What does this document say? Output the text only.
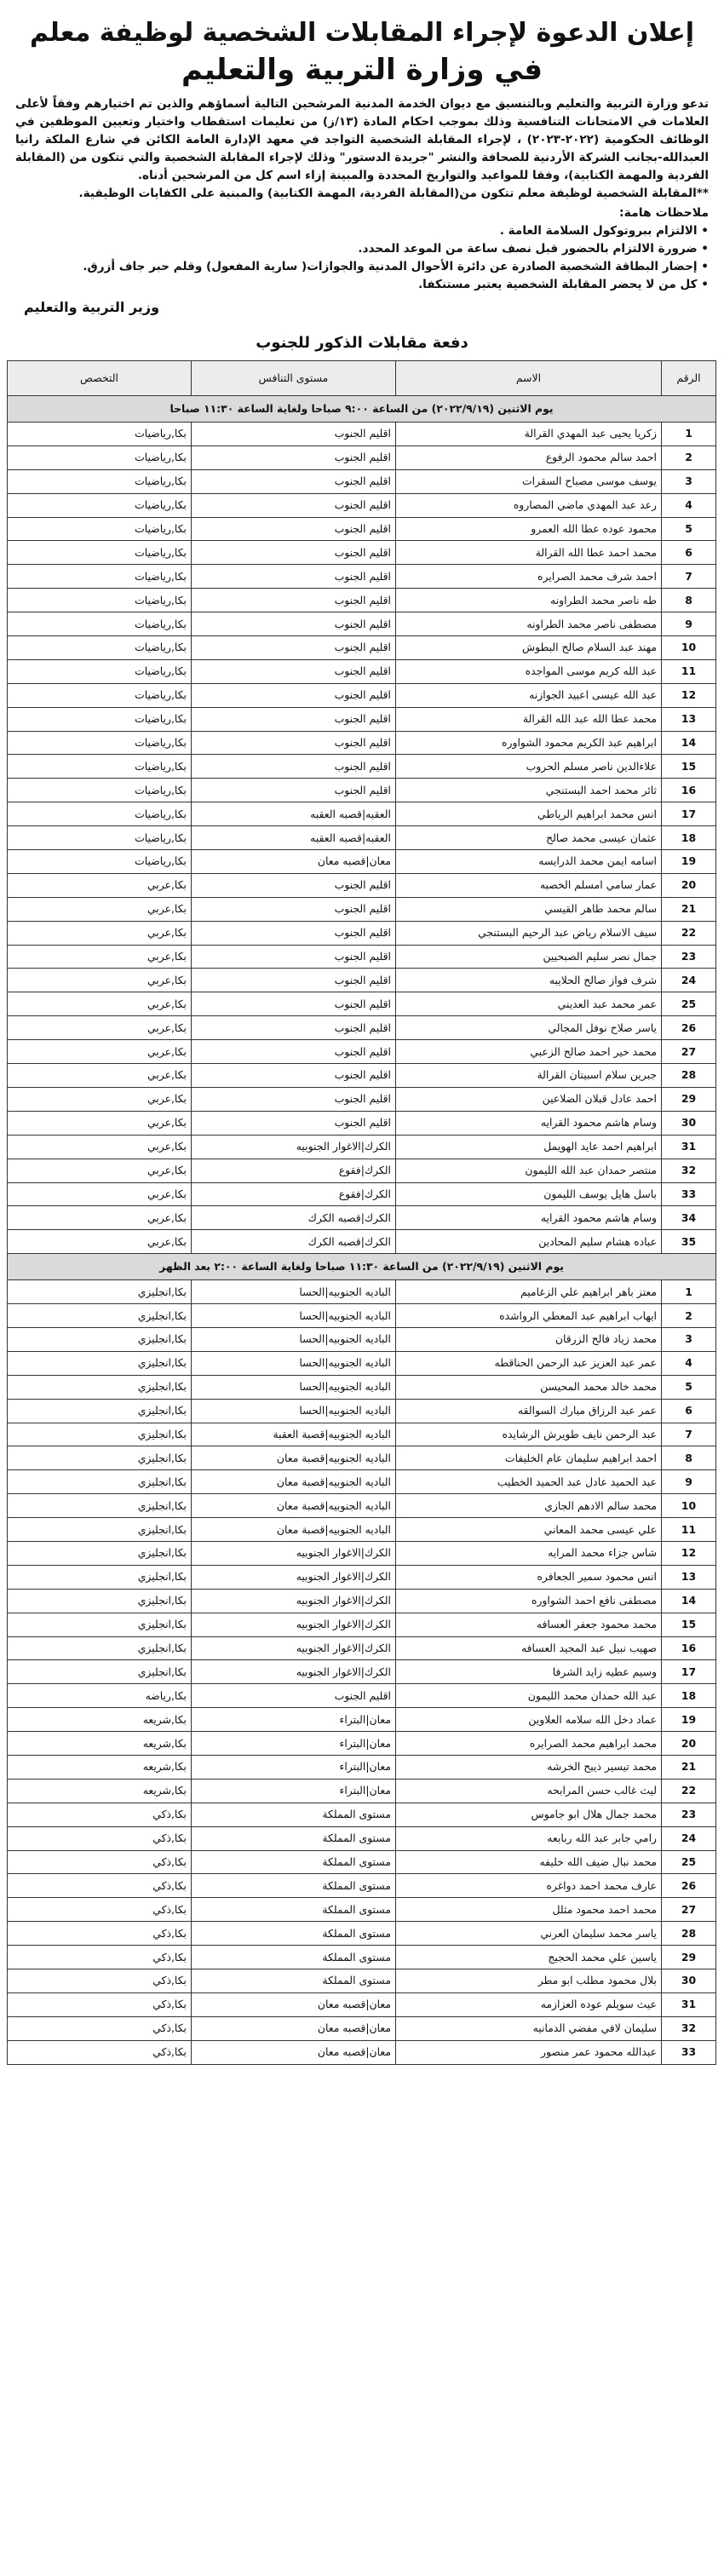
إعلان الدعوة لإجراء المقابلات الشخصية لوظيفة معلم
في وزارة التربية والتعليم

تدعو وزارة التربية والتعليم وبالتنسيق مع ديوان الخدمة المدنية المرشحين التالية أسماؤهم والذين تم اختيارهم وفقاً لأعلى العلامات في الامتحانات التنافسية وذلك بموجب احكام المادة (١٣/ز) من تعليمات استقطاب واختيار وتعيين الموظفين في الوظائف الحكومية (٢٠٢٢-٢٠٢٣) ، لإجراء المقابلة الشخصية التواجد في معهد الإدارة العامة الكائن في شارع الملكة رانيا العبدالله-بجانب الشركة الأردنية للصحافة والنشر "جريدة الدستور" وذلك لإجراء المقابلة الشخصية والتي تتكون من (المقابلة الفردية والمهمة الكتابية)، وفقا للمواعيد والتواريخ المحددة والمبينة إزاء اسم كل من المرشحين أدناه.

**المقابلة الشخصية لوظيفة معلم تتكون من(المقابلة الفردية، المهمة الكتابية) والمبنية على الكفايات الوظيفية.

ملاحظات هامة:

• الالتزام ببروتوكول السلامة العامة .

• ضرورة الالتزام بالحضور قبل نصف ساعة من الموعد المحدد.

• إحضار البطاقة الشخصية الصادرة عن دائرة الأحوال المدنية والجوازات( سارية المفعول) وقلم حبر جاف أزرق.

• كل من لا يحضر المقابلة الشخصية يعتبر مستنكفا.

وزير التربية والتعليم

دفعة مقابلات الذكور للجنوب
الرقم	الاسم	مستوى التنافس	التخصص
يوم الاثنين (٢٠٢٢/٩/١٩) من الساعة ٩:٠٠ صباحا ولغاية الساعة ١١:٣٠ صباحا			
1	زكريا يحيى عبد المهدي القرالة	اقليم الجنوب	بكا,رياضيات
2	احمد سالم محمود الرفوع	اقليم الجنوب	بكا,رياضيات
3	يوسف موسى مصباح السقرات	اقليم الجنوب	بكا,رياضيات
4	رعد عبد المهدي ماضي المصاروه	اقليم الجنوب	بكا,رياضيات
5	محمود عوده عطا الله العمرو	اقليم الجنوب	بكا,رياضيات
6	محمد احمد عطا الله القرالة	اقليم الجنوب	بكا,رياضيات
7	احمد شرف محمد الصرايره	اقليم الجنوب	بكا,رياضيات
8	طه ناصر محمد الطراونه	اقليم الجنوب	بكا,رياضيات
9	مصطفى ناصر محمد الطراونه	اقليم الجنوب	بكا,رياضيات
10	مهند عبد السلام صالح البطوش	اقليم الجنوب	بكا,رياضيات
11	عبد الله كريم موسى المواجده	اقليم الجنوب	بكا,رياضيات
12	عبد الله عيسى اعبيد الجوازنه	اقليم الجنوب	بكا,رياضيات
13	محمد عطا الله عبد الله القرالة	اقليم الجنوب	بكا,رياضيات
14	ابراهيم عبد الكريم محمود الشواوره	اقليم الجنوب	بكا,رياضيات
15	علاءالدين ناصر مسلم الحروب	اقليم الجنوب	بكا,رياضيات
16	ثائر محمد احمد البستنجي	اقليم الجنوب	بكا,رياضيات
17	انس محمد ابراهيم الرياطي	العقبه|قصبه العقبه	بكا,رياضيات
18	عثمان عيسى محمد صالح	العقبه|قصبه العقبه	بكا,رياضيات
19	اسامه ايمن محمد الدرايسه	معان|قصبه معان	بكا,رياضيات
20	عمار سامي امسلم الخصبه	اقليم الجنوب	بكا,عربي
21	سالم محمد طاهر القيسي	اقليم الجنوب	بكا,عربي
22	سيف الاسلام رياض عبد الرحيم البستنجي	اقليم الجنوب	بكا,عربي
23	جمال نصر سليم الصبحيين	اقليم الجنوب	بكا,عربي
24	شرف فواز صالح الحلايبه	اقليم الجنوب	بكا,عربي
25	عمر محمد عبد العديني	اقليم الجنوب	بكا,عربي
26	ياسر صلاح نوفل المجالي	اقليم الجنوب	بكا,عربي
27	محمد خير احمد صالح الزعبي	اقليم الجنوب	بكا,عربي
28	جبرين سلام اسبيتان القرالة	اقليم الجنوب	بكا,عربي
29	احمد عادل قبلان الضلاعين	اقليم الجنوب	بكا,عربي
30	وسام هاشم محمود القرايه	اقليم الجنوب	بكا,عربي
31	ابراهيم احمد عايد الهويمل	الكرك|الاغوار الجنوبيه	بكا,عربي
32	منتصر حمدان عبد الله الليمون	الكرك|فقوع	بكا,عربي
33	باسل هايل يوسف الليمون	الكرك|فقوع	بكا,عربي
34	وسام هاشم محمود القرايه	الكرك|قصبه الكرك	بكا,عربي
35	عباده هشام سليم المحادين	الكرك|قصبه الكرك	بكا,عربي
يوم الاثنين (٢٠٢٢/٩/١٩) من الساعة ١١:٣٠ صباحا ولغاية الساعة ٢:٠٠ بعد الظهر			
1	معتز باهر ابراهيم علي الزغاميم	الباديه الجنوبيه|الحسا	بكا,انجليزي
2	ايهاب ابراهيم عبد المعطي الرواشده	الباديه الجنوبيه|الحسا	بكا,انجليزي
3	محمد زياد فالح الزرقان	الباديه الجنوبيه|الحسا	بكا,انجليزي
4	عمر عبد العزيز عبد الرحمن الحناقطه	الباديه الجنوبيه|الحسا	بكا,انجليزي
5	محمد خالد محمد المحيسن	الباديه الجنوبيه|الحسا	بكا,انجليزي
6	عمر عبد الرزاق مبارك السوالقه	الباديه الجنوبيه|الحسا	بكا,انجليزي
7	عبد الرحمن نايف طويرش الرشايده	الباديه الجنوبيه|قصبة العقبة	بكا,انجليزي
8	احمد ابراهيم سليمان عام الخليفات	الباديه الجنوبيه|قصبة معان	بكا,انجليزي
9	عبد الحميد عادل عبد الحميد الخطيب	الباديه الجنوبيه|قصبة معان	بكا,انجليزي
10	محمد سالم الادهم الجازي	الباديه الجنوبيه|قصبة معان	بكا,انجليزي
11	علي عيسى محمد المعاني	الباديه الجنوبيه|قصبة معان	بكا,انجليزي
12	شاس جزاء محمد المرايه	الكرك|الاغوار الجنوبيه	بكا,انجليزي
13	انس محمود سمير الجعافره	الكرك|الاغوار الجنوبيه	بكا,انجليزي
14	مصطفى نافع احمد الشواوره	الكرك|الاغوار الجنوبيه	بكا,انجليزي
15	محمد محمود جعفر العسافه	الكرك|الاغوار الجنوبيه	بكا,انجليزي
16	صهيب نبيل عبد المجيد العسافه	الكرك|الاغوار الجنوبيه	بكا,انجليزي
17	وسيم عطيه زايد الشرفا	الكرك|الاغوار الجنوبيه	بكا,انجليزي
18	عبد الله حمدان محمد الليمون	اقليم الجنوب	بكا,رياضه
19	عماد دخل الله سلامه العلاوين	معان|البتراء	بكا,شريعه
20	محمد ابراهيم محمد الصرايره	معان|البتراء	بكا,شريعه
21	محمد تيسير ذيبح الخرشه	معان|البتراء	بكا,شريعه
22	ليث غالب حسن المرابحه	معان|البتراء	بكا,شريعه
23	محمد جمال هلال ابو جاموس	مستوى المملكة	بكا,ذكي
24	رامي جابر عبد الله ربابعه	مستوى المملكة	بكا,ذكي
25	محمد نبال ضيف الله خليفه	مستوى المملكة	بكا,ذكي
26	عارف محمد احمد دواغره	مستوى المملكة	بكا,ذكي
27	محمد احمد محمود مثلل	مستوى المملكة	بكا,ذكي
28	ياسر محمد سليمان العرني	مستوى المملكة	بكا,ذكي
29	ياسين علي محمد الحجيج	مستوى المملكة	بكا,ذكي
30	بلال محمود مطلب ابو مطر	مستوى المملكة	بكا,ذكي
31	عيث سويلم عوده العزازمه	معان|قصبه معان	بكا,ذكي
32	سليمان لافي مفضي الدمانيه	معان|قصبه معان	بكا,ذكي
33	عبدالله محمود عمر منصور	معان|قصبه معان	بكا,ذكي
